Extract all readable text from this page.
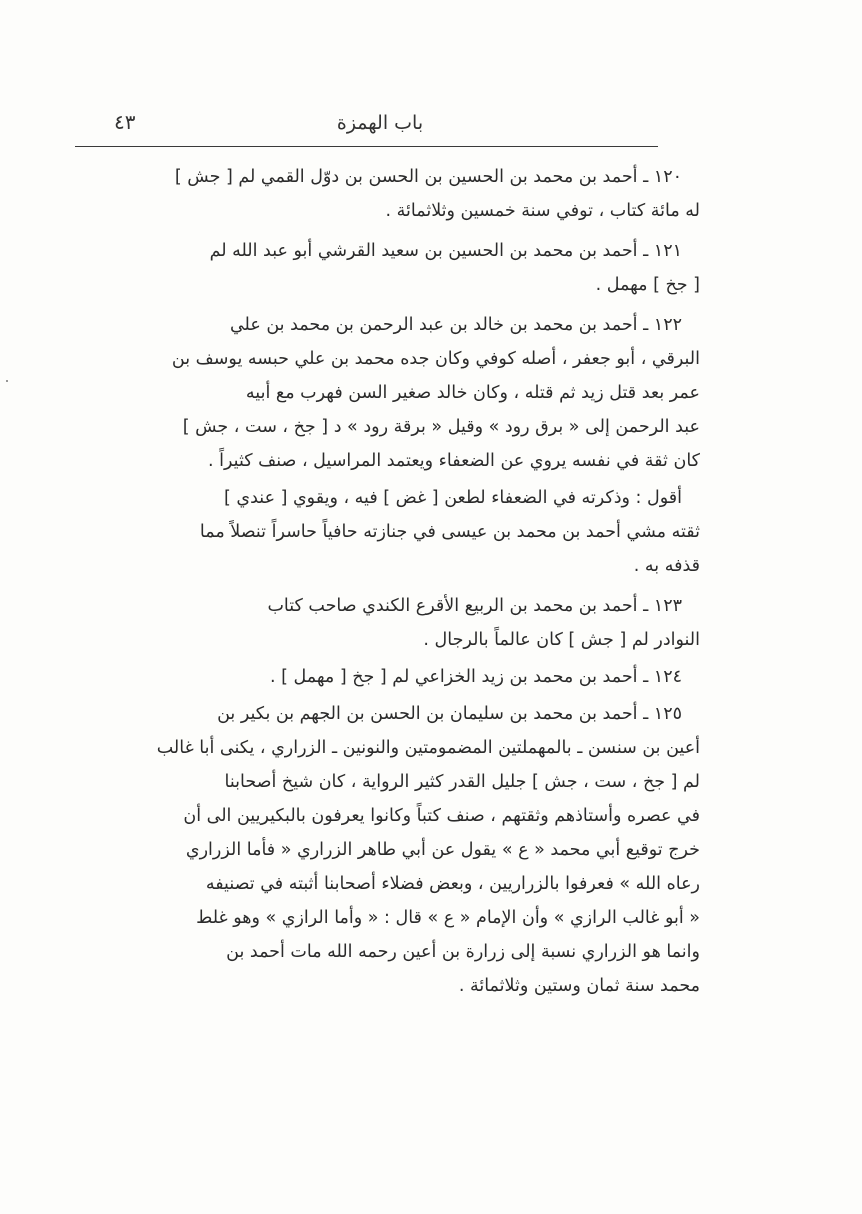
باب الهمزة
٤٣
١٢٠ ـ أحمد بن محمد بن الحسين بن الحسن بن دوّل القمي لم [ جش ]
له مائة كتاب ، توفي سنة خمسين وثلاثمائة .
١٢١ ـ أحمد بن محمد بن الحسين بن سعيد القرشي أبو عبد الله لم
[ جخ ] مهمل .
١٢٢ ـ أحمد بن محمد بن خالد بن عبد الرحمن بن محمد بن علي
البرقي ، أبو جعفر ، أصله كوفي وكان جده محمد بن علي حبسه يوسف بن
عمر بعد قتل زيد ثم قتله ، وكان خالد صغير السن فهرب مع أبيه
عبد الرحمن إلى « برق رود » وقيل « برقة رود » د [ جخ ، ست ، جش ]
كان ثقة في نفسه يروي عن الضعفاء ويعتمد المراسيل ، صنف كثيراً .
أقول : وذكرته في الضعفاء لطعن [ غض ] فيه ، ويقوي [ عندي ]
ثقته مشي أحمد بن محمد بن عيسى في جنازته حافياً حاسراً تنصلاً مما
قذفه به .
١٢٣ ـ أحمد بن محمد بن الربيع الأقرع الكندي صاحب كتاب
النوادر لم [ جش ] كان عالماً بالرجال .
١٢٤ ـ أحمد بن محمد بن زيد الخزاعي لم [ جخ [ مهمل ] .
١٢٥ ـ أحمد بن محمد بن سليمان بن الحسن بن الجهم بن بكير بن
أعين بن سنسن ـ بالمهملتين المضمومتين والنونين ـ الزراري ، يكنى أبا غالب
لم [ جخ ، ست ، جش ] جليل القدر كثير الرواية ، كان شيخ أصحابنا
في عصره وأستاذهم وثقتهم ، صنف كتباً وكانوا يعرفون بالبكيريين الى أن
خرج توقيع أبي محمد « ع » يقول عن أبي طاهر الزراري « فأما الزراري
رعاه الله » فعرفوا بالزراريين ، وبعض فضلاء أصحابنا أثبته في تصنيفه
« أبو غالب الرازي » وأن الإمام « ع » قال : « وأما الرازي » وهو غلط
وانما هو الزراري نسبة إلى زرارة بن أعين رحمه الله مات أحمد بن
محمد سنة ثمان وستين وثلاثمائة .
